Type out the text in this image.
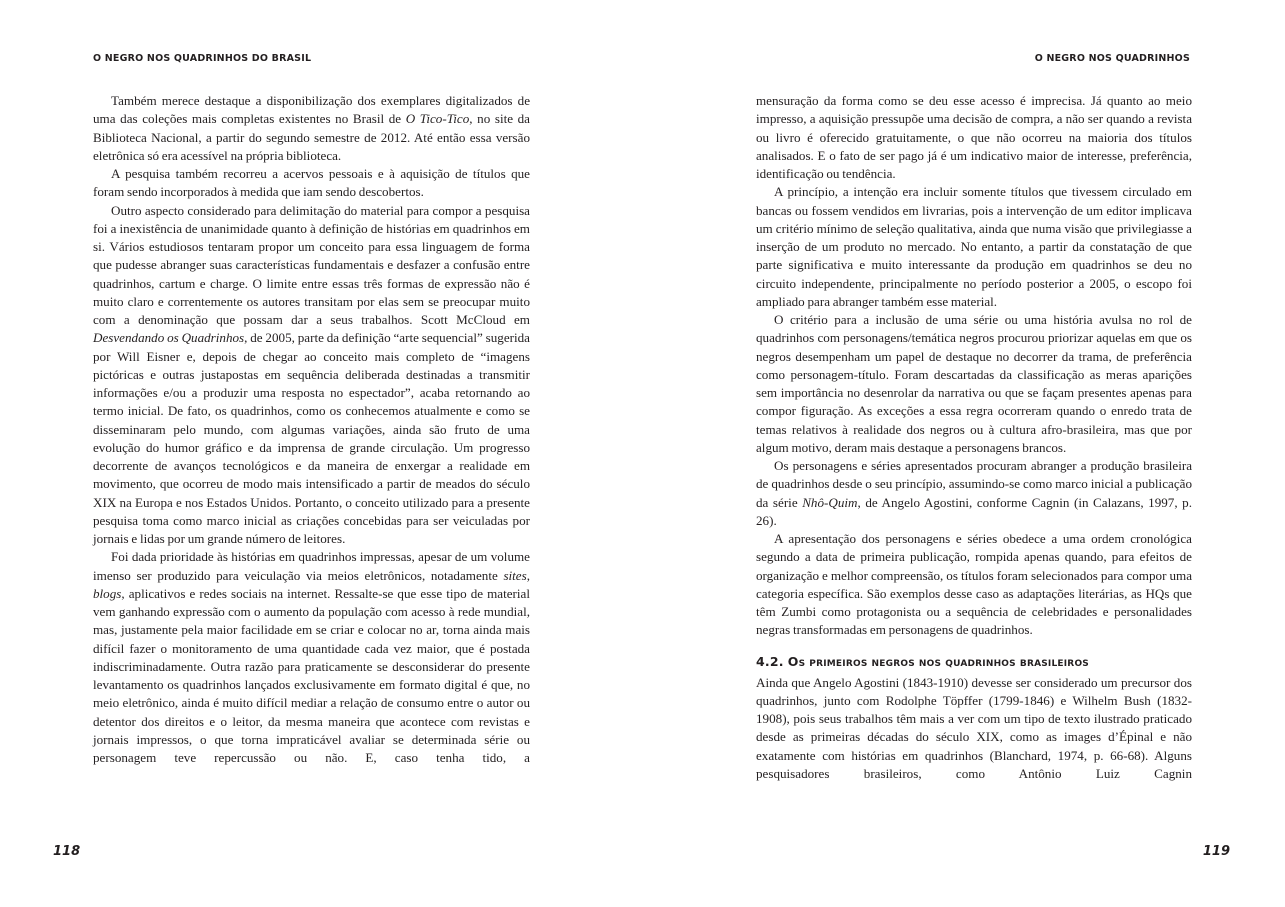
O NEGRO NOS QUADRINHOS DO BRASIL

Também merece destaque a disponibilização dos exemplares digitalizados de uma das coleções mais completas existentes no Brasil de O Tico-Tico, no site da Biblioteca Nacional, a partir do segundo semestre de 2012. Até então essa versão eletrônica só era acessível na própria biblioteca.

A pesquisa também recorreu a acervos pessoais e à aquisição de títulos que foram sendo incorporados à medida que iam sendo descobertos.

Outro aspecto considerado para delimitação do material para compor a pesquisa foi a inexistência de unanimidade quanto à definição de histórias em quadrinhos em si. Vários estudiosos tentaram propor um conceito para essa linguagem de forma que pudesse abranger suas características fundamentais e desfazer a confusão entre quadrinhos, cartum e charge. O limite entre essas três formas de expressão não é muito claro e correntemente os autores transitam por elas sem se preocupar muito com a denominação que possam dar a seus trabalhos. Scott McCloud em Desvendando os Quadrinhos, de 2005, parte da definição “arte sequencial” sugerida por Will Eisner e, depois de chegar ao conceito mais completo de “imagens pictóricas e outras justapostas em sequência deliberada destinadas a transmitir informações e/ou a produzir uma resposta no espectador”, acaba retornando ao termo inicial. De fato, os quadrinhos, como os conhecemos atualmente e como se disseminaram pelo mundo, com algumas variações, ainda são fruto de uma evolução do humor gráfico e da imprensa de grande circulação. Um progresso decorrente de avanços tecnológicos e da maneira de enxergar a realidade em movimento, que ocorreu de modo mais intensificado a partir de meados do século XIX na Europa e nos Estados Unidos. Portanto, o conceito utilizado para a presente pesquisa toma como marco inicial as criações concebidas para ser veiculadas por jornais e lidas por um grande número de leitores.

Foi dada prioridade às histórias em quadrinhos impressas, apesar de um volume imenso ser produzido para veiculação via meios eletrônicos, notadamente sites, blogs, aplicativos e redes sociais na internet. Ressalte-se que esse tipo de material vem ganhando expressão com o aumento da população com acesso à rede mundial, mas, justamente pela maior facilidade em se criar e colocar no ar, torna ainda mais difícil fazer o monitoramento de uma quantidade cada vez maior, que é postada indiscriminadamente. Outra razão para praticamente se desconsiderar do presente levantamento os quadrinhos lançados exclusivamente em formato digital é que, no meio eletrônico, ainda é muito difícil mediar a relação de consumo entre o autor ou detentor dos direitos e o leitor, da mesma maneira que acontece com revistas e jornais impressos, o que torna impraticável avaliar se determinada série ou personagem teve repercussão ou não. E, caso tenha tido, a

118
O NEGRO NOS QUADRINHOS

mensuração da forma como se deu esse acesso é imprecisa. Já quanto ao meio impresso, a aquisição pressupõe uma decisão de compra, a não ser quando a revista ou livro é oferecido gratuitamente, o que não ocorreu na maioria dos títulos analisados. E o fato de ser pago já é um indicativo maior de interesse, preferência, identificação ou tendência.

A princípio, a intenção era incluir somente títulos que tivessem circulado em bancas ou fossem vendidos em livrarias, pois a intervenção de um editor implicava um critério mínimo de seleção qualitativa, ainda que numa visão que privilegiasse a inserção de um produto no mercado. No entanto, a partir da constatação de que parte significativa e muito interessante da produção em quadrinhos se deu no circuito independente, principalmente no período posterior a 2005, o escopo foi ampliado para abranger também esse material.

O critério para a inclusão de uma série ou uma história avulsa no rol de quadrinhos com personagens/temática negros procurou priorizar aquelas em que os negros desempenham um papel de destaque no decorrer da trama, de preferência como personagem-título. Foram descartadas da classificação as meras aparições sem importância no desenrolar da narrativa ou que se façam presentes apenas para compor figuração. As exceções a essa regra ocorreram quando o enredo trata de temas relativos à realidade dos negros ou à cultura afro-brasileira, mas que por algum motivo, deram mais destaque a personagens brancos.

Os personagens e séries apresentados procuram abranger a produção brasileira de quadrinhos desde o seu princípio, assumindo-se como marco inicial a publicação da série Nhô-Quim, de Angelo Agostini, conforme Cagnin (in Calazans, 1997, p. 26).

A apresentação dos personagens e séries obedece a uma ordem cronológica segundo a data de primeira publicação, rompida apenas quando, para efeitos de organização e melhor compreensão, os títulos foram selecionados para compor uma categoria específica. São exemplos desse caso as adaptações literárias, as HQs que têm Zumbi como protagonista ou a sequência de celebridades e personalidades negras transformadas em personagens de quadrinhos.

4.2. Os primeiros negros nos quadrinhos brasileiros

Ainda que Angelo Agostini (1843-1910) devesse ser considerado um precursor dos quadrinhos, junto com Rodolphe Töpffer (1799-1846) e Wilhelm Bush (1832-1908), pois seus trabalhos têm mais a ver com um tipo de texto ilustrado praticado desde as primeiras décadas do século XIX, como as images d’Épinal e não exatamente com histórias em quadrinhos (Blanchard, 1974, p. 66-68). Alguns pesquisadores brasileiros, como Antônio Luiz Cagnin

119
